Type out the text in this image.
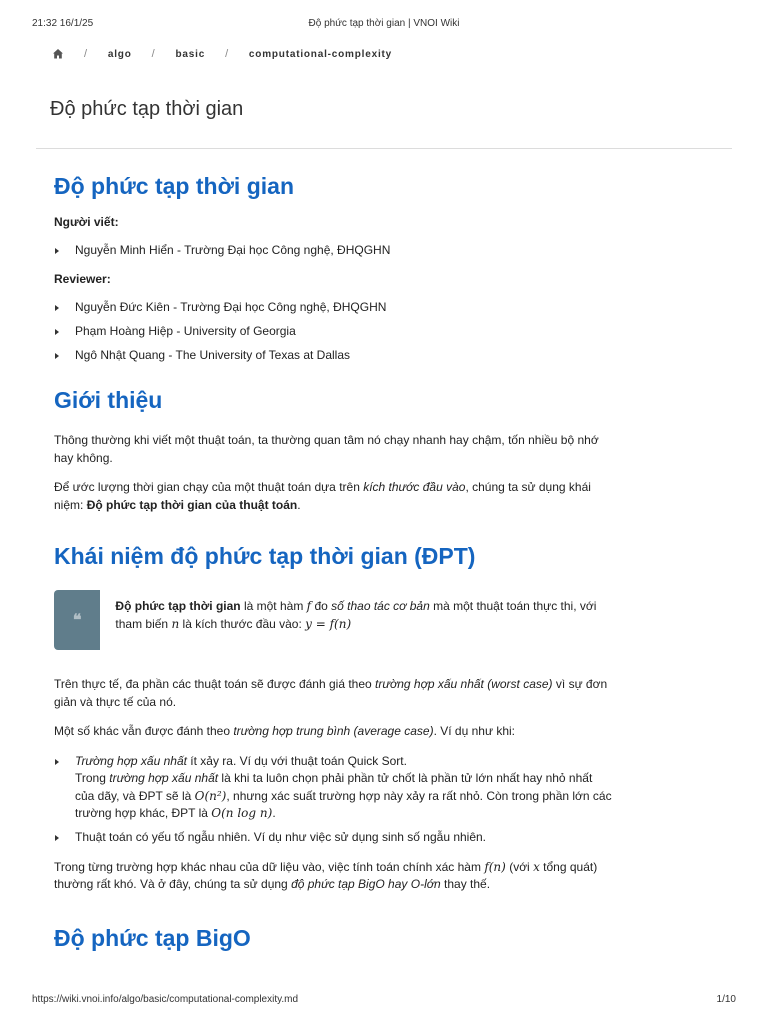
21:32 16/1/25	Độ phức tạp thời gian | VNOI Wiki
/ algo / basic / computational-complexity
Độ phức tạp thời gian
Độ phức tạp thời gian
Người viết:
Nguyễn Minh Hiển - Trường Đại học Công nghệ, ĐHQGHN
Reviewer:
Nguyễn Đức Kiên - Trường Đại học Công nghệ, ĐHQGHN
Phạm Hoàng Hiệp - University of Georgia
Ngô Nhật Quang - The University of Texas at Dallas
Giới thiệu

Thông thường khi viết một thuật toán, ta thường quan tâm nó chạy nhanh hay chậm, tốn nhiều bộ nhớ hay không.

Để ước lượng thời gian chạy của một thuật toán dựa trên kích thước đầu vào, chúng ta sử dụng khái niệm: Độ phức tạp thời gian của thuật toán.

Khái niệm độ phức tạp thời gian (ĐPT)
❝
Độ phức tạp thời gian là một hàm f đo số thao tác cơ bản mà một thuật toán thực thi, với tham biến n là kích thước đầu vào: y = f(n)

Trên thực tế, đa phần các thuật toán sẽ được đánh giá theo trường hợp xấu nhất (worst case) vì sự đơn giản và thực tế của nó.

Một số khác vẫn được đánh theo trường hợp trung bình (average case). Ví dụ như khi:

Trường hợp xấu nhất ít xảy ra. Ví dụ với thuật toán Quick Sort.
Trong trường hợp xấu nhất là khi ta luôn chọn phải phần tử chốt là phần tử lớn nhất hay nhỏ nhất của dãy, và ĐPT sẽ là O(n²), nhưng xác suất trường hợp này xảy ra rất nhỏ. Còn trong phần lớn các trường hợp khác, ĐPT là O(n log n).
Thuật toán có yếu tố ngẫu nhiên. Ví dụ như việc sử dụng sinh số ngẫu nhiên.

Trong từng trường hợp khác nhau của dữ liệu vào, việc tính toán chính xác hàm f(n) (với x tổng quát) thường rất khó. Và ở đây, chúng ta sử dụng độ phức tạp BigO hay O-lớn thay thế.

Độ phức tạp BigO
https://wiki.vnoi.info/algo/basic/computational-complexity.md	1/10
